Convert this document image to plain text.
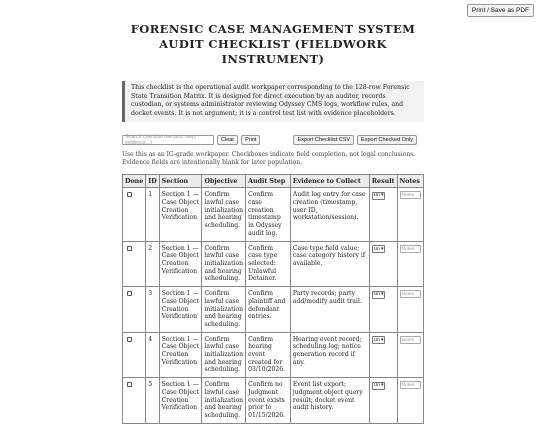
Print / Save as PDF
FORENSIC CASE MANAGEMENT SYSTEM AUDIT CHECKLIST (FIELDWORK INSTRUMENT)
This checklist is the operational audit workpaper corresponding to the 128-row Forensic State Transition Matrix. It is designed for direct execution by an auditor, records custodian, or systems administrator reviewing Odyssey CMS logs, workflow rules, and docket events. It is not argument; it is a control test list with evidence placeholders.
Search checklist (section, step, evidence...)	Clear	Print	Export Checklist CSV	Export Checked Only
Use this as an IG-grade workpaper. Checkboxes indicate field completion, not legal conclusions. Evidence fields are intentionally blank for later population.
Done	ID	Section	Objective	Audit Step	Evidence to Collect	Result	Notes
	1	Section 1 — Case Object Creation Verification	Confirm lawful case initialization and hearing scheduling.	Confirm case creation timestamp in Odyssey audit log.	Audit log entry for case creation (timestamp, user ID, workstation/session).	Un ▾	Notes

	2	Section 1 — Case Object Creation Verification	Confirm lawful case initialization and hearing scheduling.	Confirm case type selected: Unlawful Detainer.	Case type field value; case category history if available.	Un ▾	Notes

	3	Section 1 — Case Object Creation Verification	Confirm lawful case initialization and hearing scheduling.	Confirm plaintiff and defendant entries.	Party records; party add/modify audit trail.	Un ▾	Notes

	4	Section 1 — Case Object Creation Verification	Confirm lawful case initialization and hearing scheduling.	Confirm hearing event created for 03/10/2026.	Hearing event record; scheduling log; notice generation record if any.	Un ▾	Notes

	5	Section 1 — Case Object Creation Verification	Confirm lawful case initialization and hearing scheduling.	Confirm no Judgment event exists prior to 01/15/2026.	Event list export; judgment object query result; docket event audit history.	Un ▾	Notes
